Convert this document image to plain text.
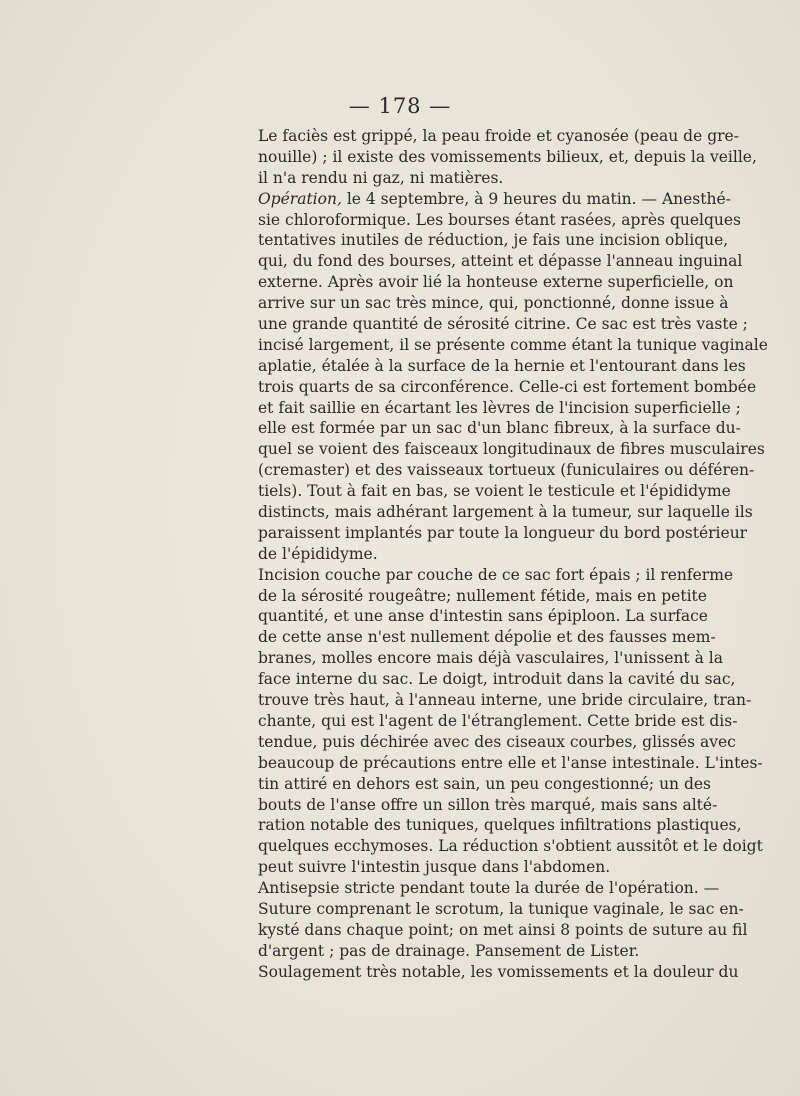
— 178 —
Le faciès est grippé, la peau froide et cyanosée (peau de gre-
nouille) ; il existe des vomissements bilieux, et, depuis la veille,
il n'a rendu ni gaz, ni matières.
Opération, le 4 septembre, à 9 heures du matin. — Anesthé-
sie chloroformique. Les bourses étant rasées, après quelques
tentatives inutiles de réduction, je fais une incision oblique,
qui, du fond des bourses, atteint et dépasse l'anneau inguinal
externe. Après avoir lié la honteuse externe superficielle, on
arrive sur un sac très mince, qui, ponctionné, donne issue à
une grande quantité de sérosité citrine. Ce sac est très vaste ;
incisé largement, il se présente comme étant la tunique vaginale
aplatie, étalée à la surface de la hernie et l'entourant dans les
trois quarts de sa circonférence. Celle-ci est fortement bombée
et fait saillie en écartant les lèvres de l'incision superficielle ;
elle est formée par un sac d'un blanc fibreux, à la surface du-
quel se voient des faisceaux longitudinaux de fibres musculaires
(cremaster) et des vaisseaux tortueux (funiculaires ou déféren-
tiels). Tout à fait en bas, se voient le testicule et l'épididyme
distincts, mais adhérant largement à la tumeur, sur laquelle ils
paraissent implantés par toute la longueur du bord postérieur
de l'épididyme.
Incision couche par couche de ce sac fort épais ; il renferme
de la sérosité rougeâtre; nullement fétide, mais en petite
quantité, et une anse d'intestin sans épiploon. La surface
de cette anse n'est nullement dépolie et des fausses mem-
branes, molles encore mais déjà vasculaires, l'unissent à la
face interne du sac. Le doigt, introduit dans la cavité du sac,
trouve très haut, à l'anneau interne, une bride circulaire, tran-
chante, qui est l'agent de l'étranglement. Cette bride est dis-
tendue, puis déchirée avec des ciseaux courbes, glissés avec
beaucoup de précautions entre elle et l'anse intestinale. L'intes-
tin attiré en dehors est sain, un peu congestionné; un des
bouts de l'anse offre un sillon très marqué, mais sans alté-
ration notable des tuniques, quelques infiltrations plastiques,
quelques ecchymoses. La réduction s'obtient aussitôt et le doigt
peut suivre l'intestin jusque dans l'abdomen.
Antisepsie stricte pendant toute la durée de l'opération. —
Suture comprenant le scrotum, la tunique vaginale, le sac en-
kysté dans chaque point; on met ainsi 8 points de suture au fil
d'argent ; pas de drainage. Pansement de Lister.
Soulagement très notable, les vomissements et la douleur du
